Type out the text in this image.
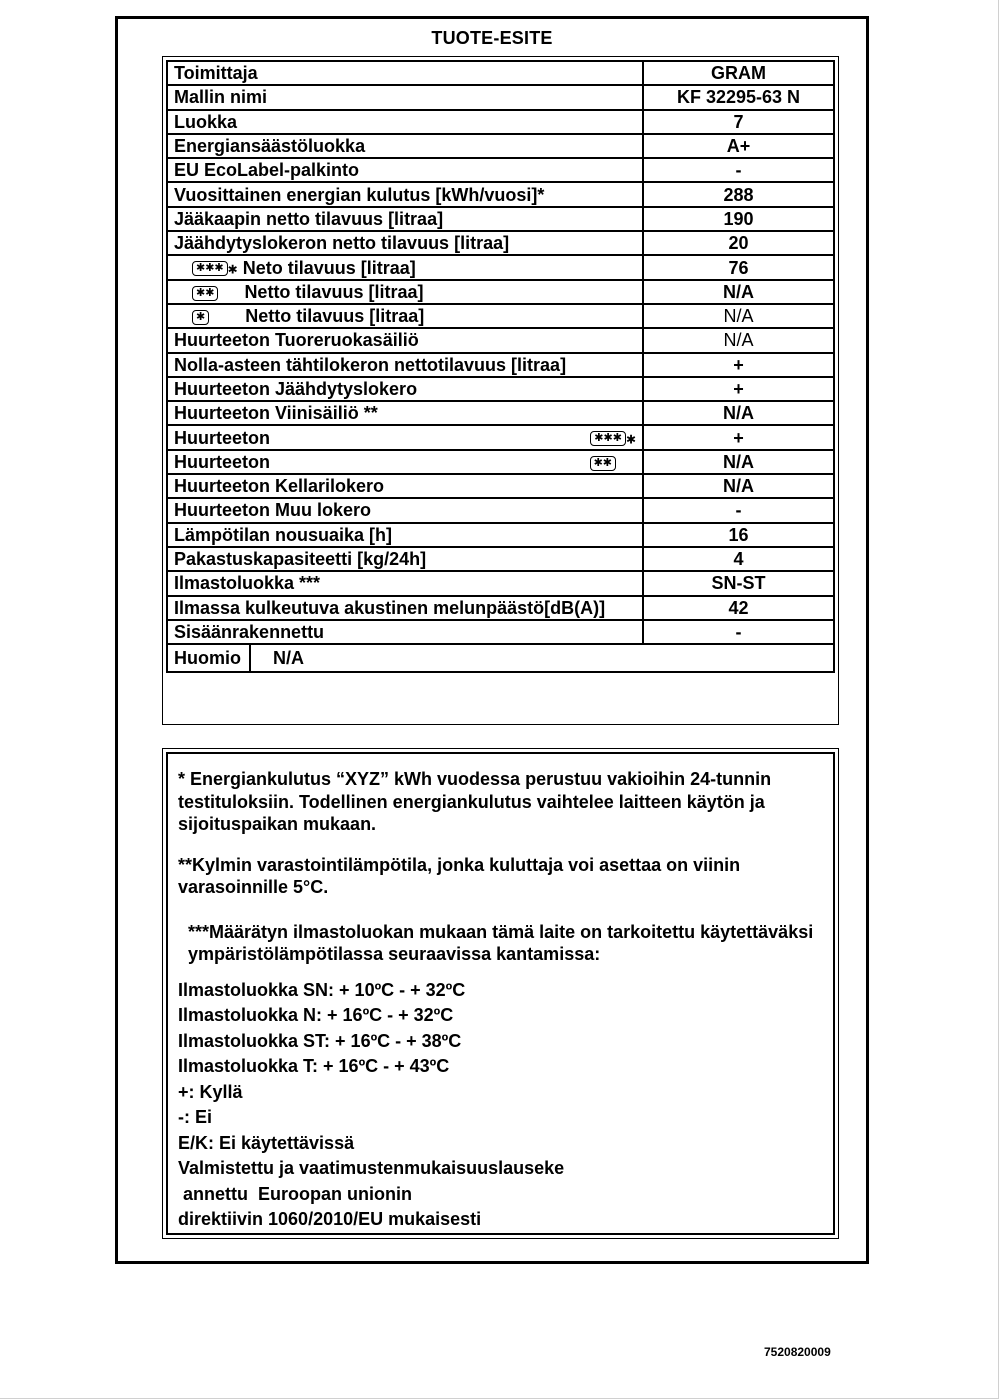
TUOTE-ESITE
Toimittaja	GRAM
Mallin nimi	KF 32295-63 N
Luokka	7
Energiansäästöluokka	A+
EU EcoLabel-palkinto	-
Vuosittainen energian kulutus [kWh/vuosi]*	288
Jääkaapin netto tilavuus [litraa]	190
Jäähdytyslokeron netto tilavuus [litraa]	20
✱✱✱ ✱ Neto tilavuus [litraa]	76
✱✱ Netto tilavuus [litraa]	N/A
✱ Netto tilavuus [litraa]	N/A
Huurteeton Tuoreruokasäiliö	N/A
Nolla-asteen tähtilokeron nettotilavuus [litraa]	+
Huurteeton Jäähdytyslokero	+
Huurteeton Viinisäiliö **	N/A
Huurteeton ✱✱✱ ✱	+
Huurteeton ✱✱	N/A
Huurteeton Kellarilokero	N/A
Huurteeton Muu lokero	-
Lämpötilan nousuaika [h]	16
Pakastuskapasiteetti [kg/24h]	4
Ilmastoluokka ***	SN-ST
Ilmassa kulkeutuva akustinen melunpäästö[dB(A)]	42
Sisäänrakennettu	-
Huomio N/A	

* Energiankulutus “XYZ” kWh vuodessa perustuu vakioihin 24-tunnin testituloksiin. Todellinen energiankulutus vaihtelee laitteen käytön ja sijoituspaikan mukaan.

**Kylmin varastointilämpötila, jonka kuluttaja voi asettaa on viinin varasoinnille 5°C.

***Määrätyn ilmastoluokan mukaan tämä laite on tarkoitettu käytettäväksi ympäristölämpötilassa seuraavissa kantamissa:

Ilmastoluokka SN: + 10ºC - + 32ºC

Ilmastoluokka N: + 16ºC - + 32ºC

Ilmastoluokka ST: + 16ºC - + 38ºC

Ilmastoluokka T: + 16ºC - + 43ºC

+: Kyllä

-: Ei

E/K: Ei käytettävissä

Valmistettu ja vaatimustenmukaisuuslauseke

annettu  Euroopan unionin

direktiivin 1060/2010/EU mukaisesti

7520820009
